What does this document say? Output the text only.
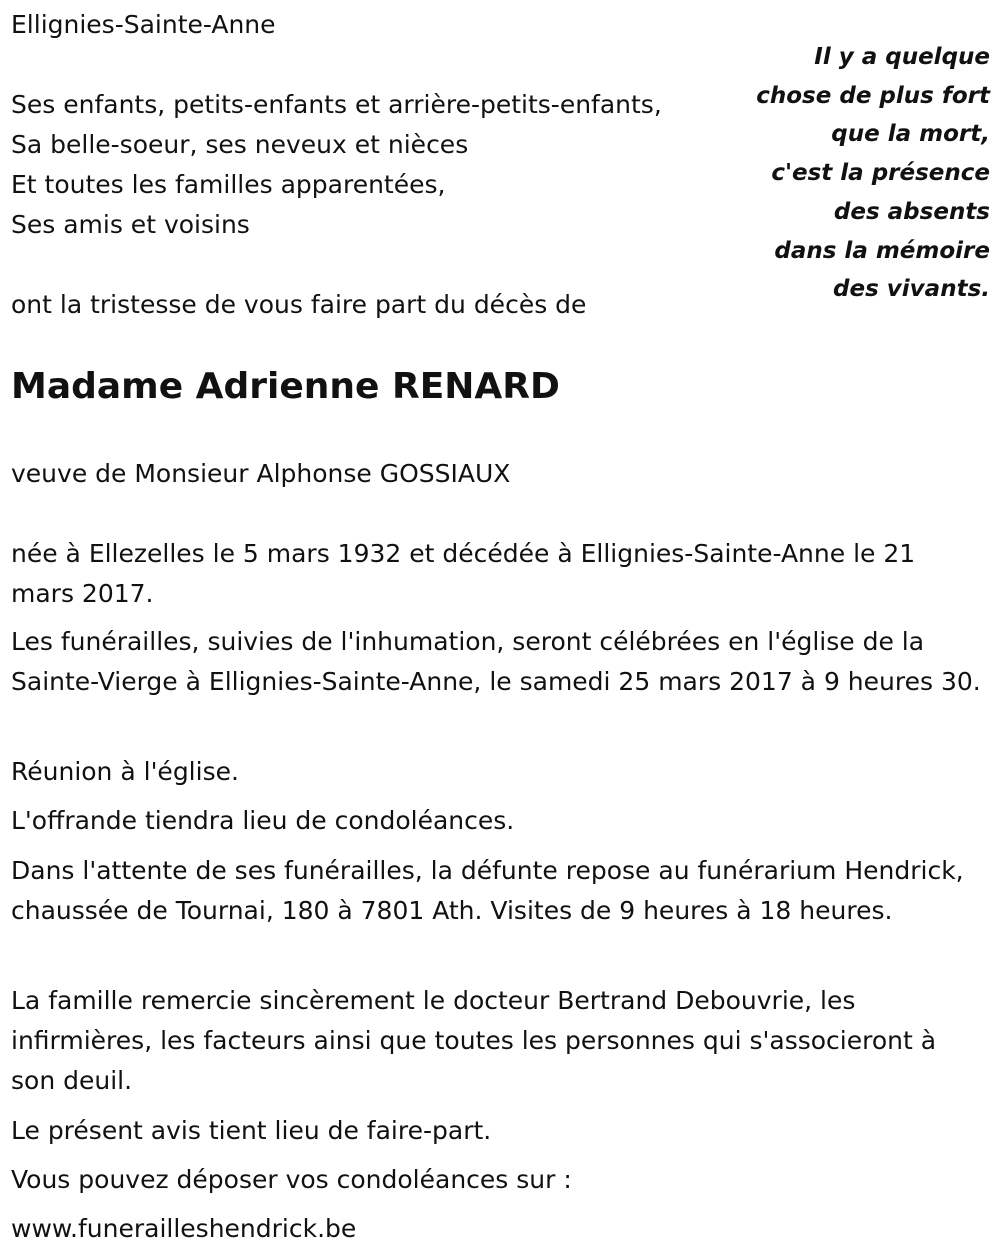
Ellignies-Sainte-Anne

Il y a quelque
chose de plus fort
que la mort,
c'est la présence
des absents
dans la mémoire
des vivants.

Ses enfants, petits-enfants et arrière-petits-enfants,

Sa belle-soeur, ses neveux et nièces

Et toutes les familles apparentées,

Ses amis et voisins

ont la tristesse de vous faire part du décès de

Madame Adrienne RENARD

veuve de Monsieur Alphonse GOSSIAUX

née à Ellezelles le 5 mars 1932 et décédée à Ellignies-Sainte-Anne le 21 mars 2017.

Les funérailles, suivies de l'inhumation, seront célébrées en l'église de la Sainte-Vierge à Ellignies-Sainte-Anne, le samedi 25 mars 2017 à 9 heures 30.

Réunion à l'église.

L'offrande tiendra lieu de condoléances.

Dans l'attente de ses funérailles, la défunte repose au funérarium Hendrick, chaussée de Tournai, 180 à 7801 Ath. Visites de 9 heures à 18 heures.

La famille remercie sincèrement le docteur Bertrand Debouvrie, les infirmières, les facteurs ainsi que toutes les personnes qui s'associeront à son deuil.

Le présent avis tient lieu de faire-part.

Vous pouvez déposer vos condoléances sur :

www.funerailleshendrick.be
